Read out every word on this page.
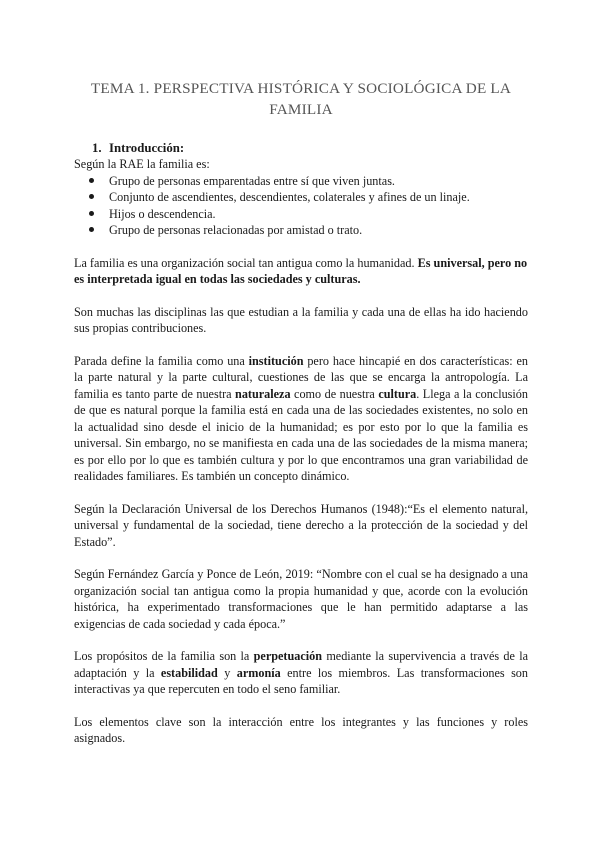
TEMA 1. PERSPECTIVA HISTÓRICA Y SOCIOLÓGICA DE LA
FAMILIA
1. Introducción:

Según la RAE la familia es:

Grupo de personas emparentadas entre sí que viven juntas.
Conjunto de ascendientes, descendientes, colaterales y afines de un linaje.
Hijos o descendencia.
Grupo de personas relacionadas por amistad o trato.

La familia es una organización social tan antigua como la humanidad. Es universal, pero no es interpretada igual en todas las sociedades y culturas.

Son muchas las disciplinas las que estudian a la familia y cada una de ellas ha ido haciendo sus propias contribuciones.

Parada define la familia como una institución pero hace hincapié en dos características: en la parte natural y la parte cultural, cuestiones de las que se encarga la antropología. La familia es tanto parte de nuestra naturaleza como de nuestra cultura. Llega a la conclusión de que es natural porque la familia está en cada una de las sociedades existentes, no solo en la actualidad sino desde el inicio de la humanidad; es por esto por lo que la familia es universal. Sin embargo, no se manifiesta en cada una de las sociedades de la misma manera; es por ello por lo que es también cultura y por lo que encontramos una gran variabilidad de realidades familiares. Es también un concepto dinámico.

Según la Declaración Universal de los Derechos Humanos (1948):“Es el elemento natural, universal y fundamental de la sociedad, tiene derecho a la protección de la sociedad y del Estado”.

Según Fernández García y Ponce de León, 2019: “Nombre con el cual se ha designado a una organización social tan antigua como la propia humanidad y que, acorde con la evolución histórica, ha experimentado transformaciones que le han permitido adaptarse a las exigencias de cada sociedad y cada época.”

Los propósitos de la familia son la perpetuación mediante la supervivencia a través de la adaptación y la estabilidad y armonía entre los miembros. Las transformaciones son interactivas ya que repercuten en todo el seno familiar.

Los elementos clave son la interacción entre los integrantes y las funciones y roles asignados.
